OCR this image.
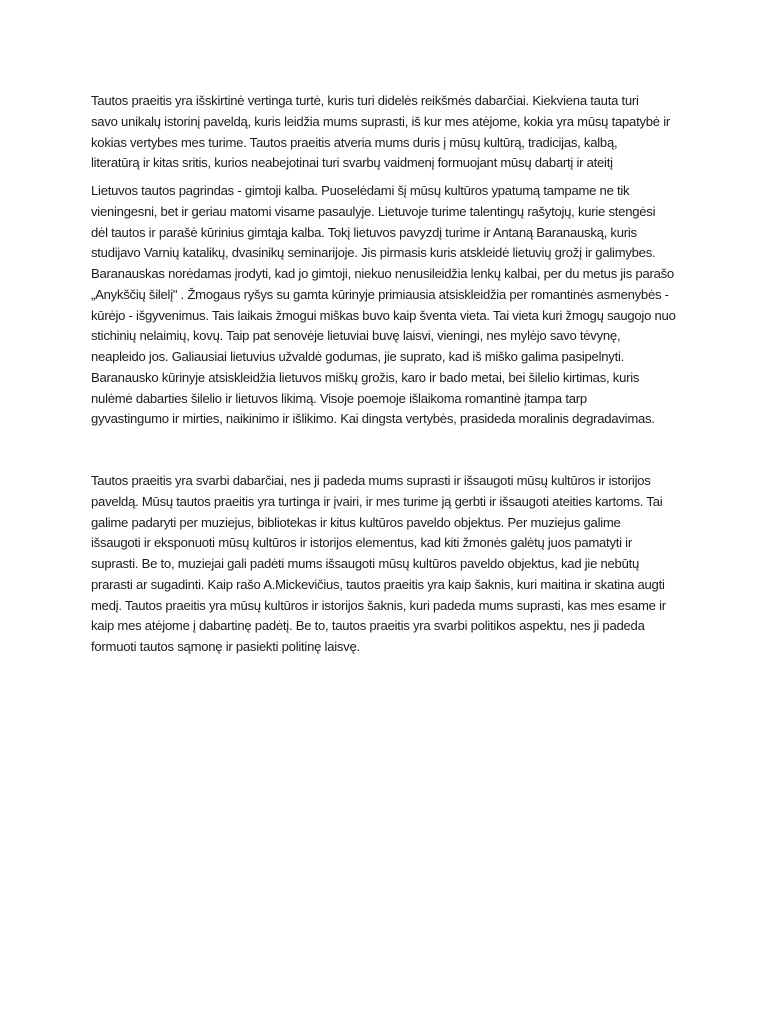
Tautos praeitis yra išskirtinė vertinga turtė, kuris turi didelės reikšmės dabarčiai. Kiekviena tauta turi
savo unikalų istorinį paveldą, kuris leidžia mums suprasti, iš kur mes atėjome, kokia yra mūsų tapatybė ir
kokias vertybes mes turime. Tautos praeitis atveria mums duris į mūsų kultūrą, tradicijas, kalbą,
literatūrą ir kitas sritis, kurios neabejotinai turi svarbų vaidmenį formuojant mūsų dabartį ir ateitį
Lietuvos tautos pagrindas - gimtoji kalba. Puoselėdami šį mūsų kultūros ypatumą tampame ne tik
vieningesni, bet ir geriau matomi visame pasaulyje. Lietuvoje turime talentingų rašytojų, kurie stengėsi
dėl tautos ir parašė kūrinius gimtąja kalba. Tokį lietuvos pavyzdį turime ir Antaną Baranauską, kuris
studijavo Varnių katalikų, dvasinikų seminarijoje. Jis pirmasis kuris atskleidė lietuvių grožį ir galimybes.
Baranauskas norėdamas įrodyti, kad jo gimtoji, niekuo nenusileidžia lenkų kalbai, per du metus jis parašo
„Anykščių šilelį" . Žmogaus ryšys su gamta kūrinyje primiausia atsiskleidžia per romantinės asmenybės -
kūrėjo - išgyvenimus. Tais laikais žmogui miškas buvo kaip šventa vieta. Tai vieta kuri žmogų saugojo nuo
stichinių nelaimių, kovų. Taip pat senovėje lietuviai buvę laisvi, vieningi, nes mylėjo savo tėvynę,
neapleido jos. Galiausiai lietuvius užvaldė godumas, jie suprato, kad iš miško galima pasipelnyti.
Baranausko kūrinyje atsiskleidžia lietuvos miškų grožis, karo ir bado metai, bei šilelio kirtimas, kuris
nulėmė dabarties šilelio ir lietuvos likimą. Visoje poemoje išlaikoma romantinė įtampa tarp
gyvastingumo ir mirties, naikinimo ir išlikimo. Kai dingsta vertybės, prasideda moralinis degradavimas.
Tautos praeitis yra svarbi dabarčiai, nes ji padeda mums suprasti ir išsaugoti mūsų kultūros ir istorijos
paveldą. Mūsų tautos praeitis yra turtinga ir įvairi, ir mes turime ją gerbti ir išsaugoti ateities kartoms. Tai
galime padaryti per muziejus, bibliotekas ir kitus kultūros paveldo objektus. Per muziejus galime
išsaugoti ir eksponuoti mūsų kultūros ir istorijos elementus, kad kiti žmonės galėtų juos pamatyti ir
suprasti. Be to, muziejai gali padėti mums išsaugoti mūsų kultūros paveldo objektus, kad jie nebūtų
prarasti ar sugadinti. Kaip rašo A.Mickevičius, tautos praeitis yra kaip šaknis, kuri maitina ir skatina augti
medį. Tautos praeitis yra mūsų kultūros ir istorijos šaknis, kuri padeda mums suprasti, kas mes esame ir
kaip mes atėjome į dabartinę padėtį. Be to, tautos praeitis yra svarbi politikos aspektu, nes ji padeda
formuoti tautos sąmonę ir pasiekti politinę laisvę.
